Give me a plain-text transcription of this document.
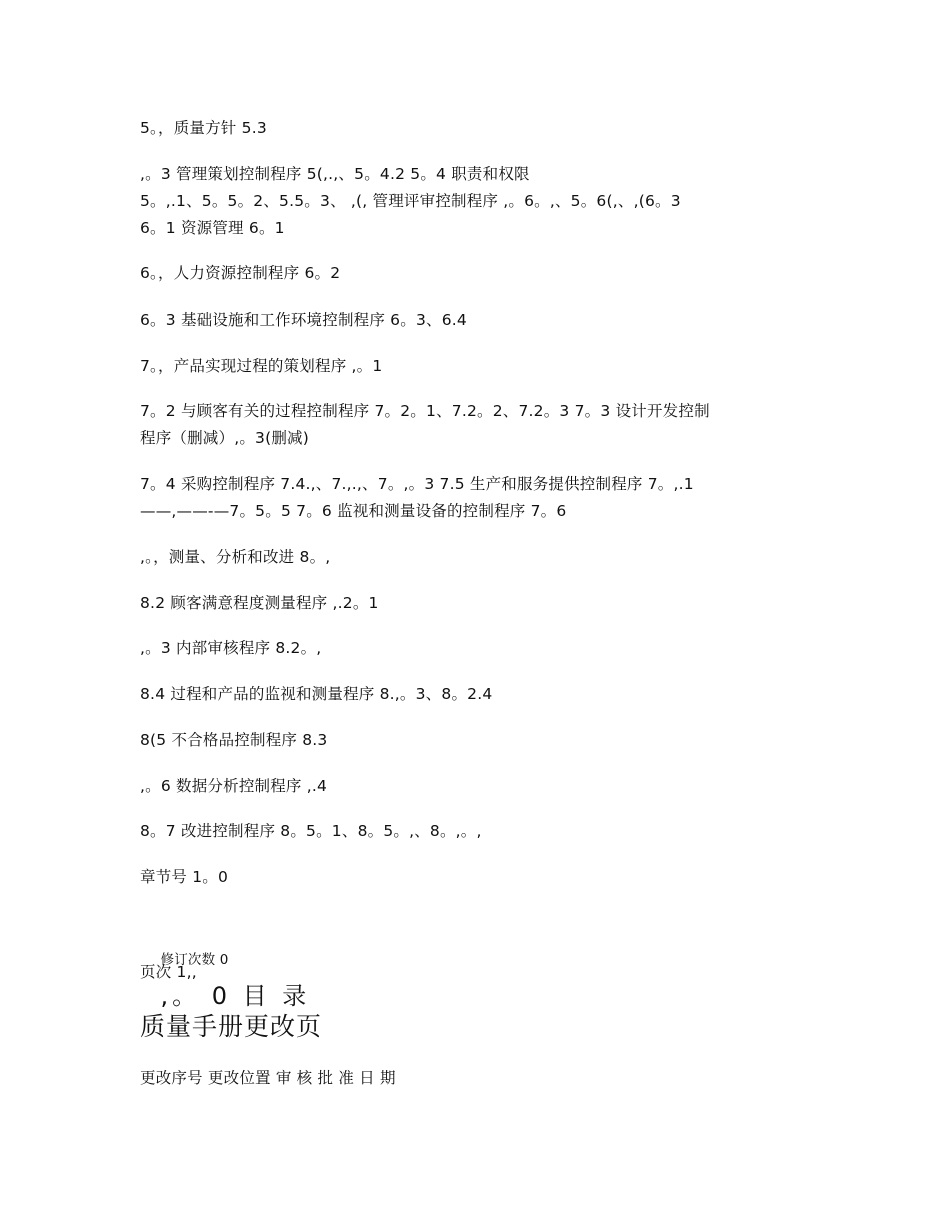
5。，质量方针 5.3
,。3 管理策划控制程序 5(,.,、5。4.2 5。4 职责和权限
5。,.1、5。5。2、5.5。3、 ,(, 管理评审控制程序 ,。6。,、5。6(,、,(6。3
6。1 资源管理 6。1
6。，人力资源控制程序 6。2
6。3 基础设施和工作环境控制程序 6。3、6.4
7。，产品实现过程的策划程序 ,。1
7。2 与顾客有关的过程控制程序 7。2。1、7.2。2、7.2。3 7。3 设计开发控制
程序（删减）,。3(删减)
7。4 采购控制程序 7.4.,、7.,.,、7。,。3 7.5 生产和服务提供控制程序 7。,.1
——,——-—7。5。5 7。6 监视和测量设备的控制程序 7。6
,。，测量、分析和改进 8。,
8.2 顾客满意程度测量程序 ,.2。1
,。3 内部审核程序 8.2。,
8.4 过程和产品的监视和测量程序 8.,。3、8。2.4
8(5 不合格品控制程序 8.3
,。6 数据分析控制程序 ,.4
8。7 改进控制程序 8。5。1、8。5。,、8。,。,
章节号 1。0

修订次数 0
,。 0 目 录

页次 1,,
质量手册更改页
更改序号 更改位置 审 核 批 准 日 期
